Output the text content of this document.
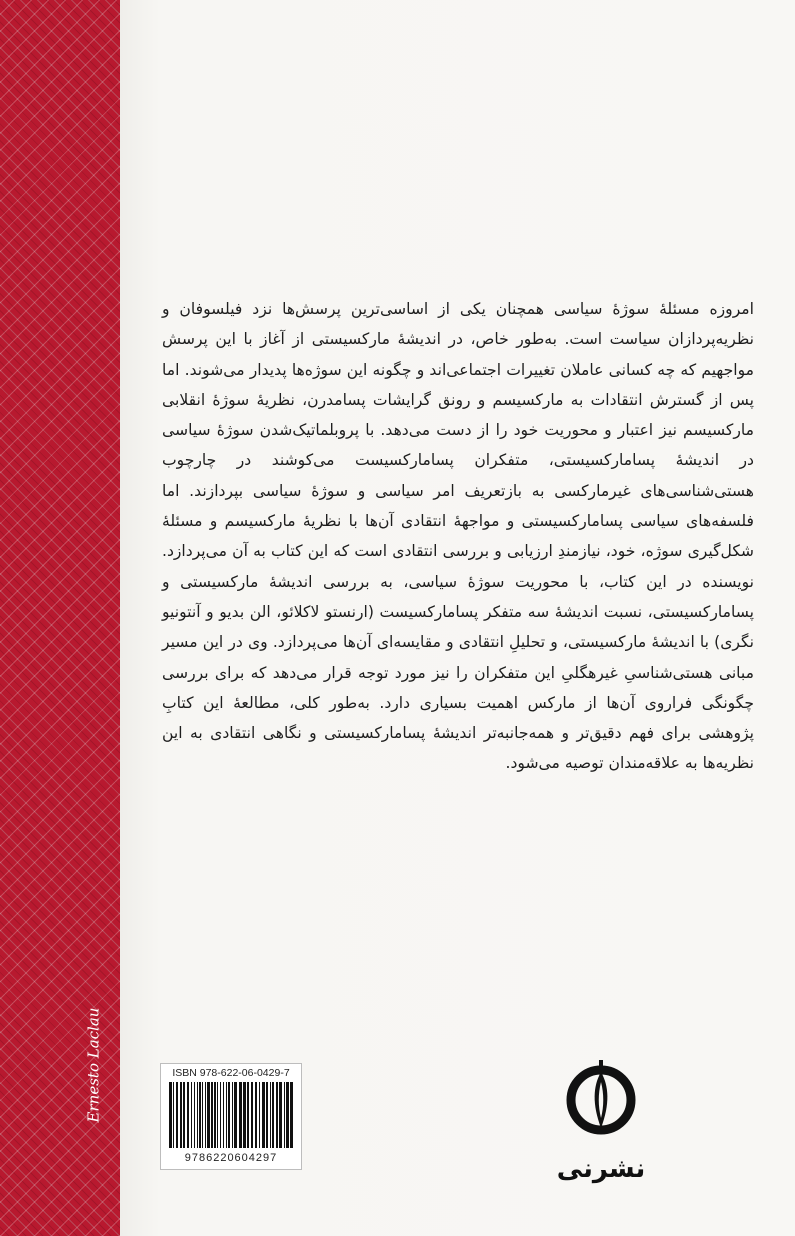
Ernesto Laclau

امروزه مسئلهٔ سوژهٔ سیاسی همچنان یکی از اساسی‌ترین پرسش‌ها نزد فیلسوفان و نظریه‌پردازان سیاست است. به‌طور خاص، در اندیشهٔ مارکسیستی از آغاز با این پرسش مواجهیم که چه کسانی عاملان تغییرات اجتماعی‌اند و چگونه این سوژه‌ها پدیدار می‌شوند. اما پس از گسترش انتقادات به مارکسیسم و رونق گرایشات پسامدرن، نظریهٔ سوژهٔ انقلابی مارکسیسم نیز اعتبار و محوریت خود را از دست می‌دهد. با پروبلماتیک‌شدن سوژهٔ سیاسی در اندیشهٔ پسامارکسیستی، متفکران پسامارکسیست می‌کوشند در چارچوب هستی‌شناسی‌های غیرمارکسی به بازتعریف امر سیاسی و سوژهٔ سیاسی بپردازند. اما فلسفه‌های سیاسی پسامارکسیستی و مواجههٔ انتقادی آن‌ها با نظریهٔ مارکسیسم و مسئلهٔ شکل‌گیری سوژه، خود، نیازمندِ ارزیابی و بررسی انتقادی است که این کتاب به آن می‌پردازد. نویسنده در این کتاب، با محوریت سوژهٔ سیاسی، به بررسی اندیشهٔ مارکسیستی و پسامارکسیستی، نسبت اندیشهٔ سه متفکر پسامارکسیست (ارنستو لاکلائو، الن بدیو و آنتونیو نگری) با اندیشهٔ مارکسیستی، و تحلیلِ انتقادی و مقایسه‌ای آن‌ها می‌پردازد. وی در این مسیر مبانی هستی‌شناسیِ غیرهگلیِ این متفکران را نیز مورد توجه قرار می‌دهد که برای بررسی چگونگی فراروی آن‌ها از مارکس اهمیت بسیاری دارد. به‌طور کلی، مطالعهٔ این کتابِ پژوهشی برای فهم دقیق‌تر و همه‌جانبه‌تر اندیشهٔ پسامارکسیستی و نگاهی انتقادی به این نظریه‌ها به علاقه‌مندان توصیه می‌شود.

ISBN 978-622-06-0429-7
9786220604297	نشرنی
